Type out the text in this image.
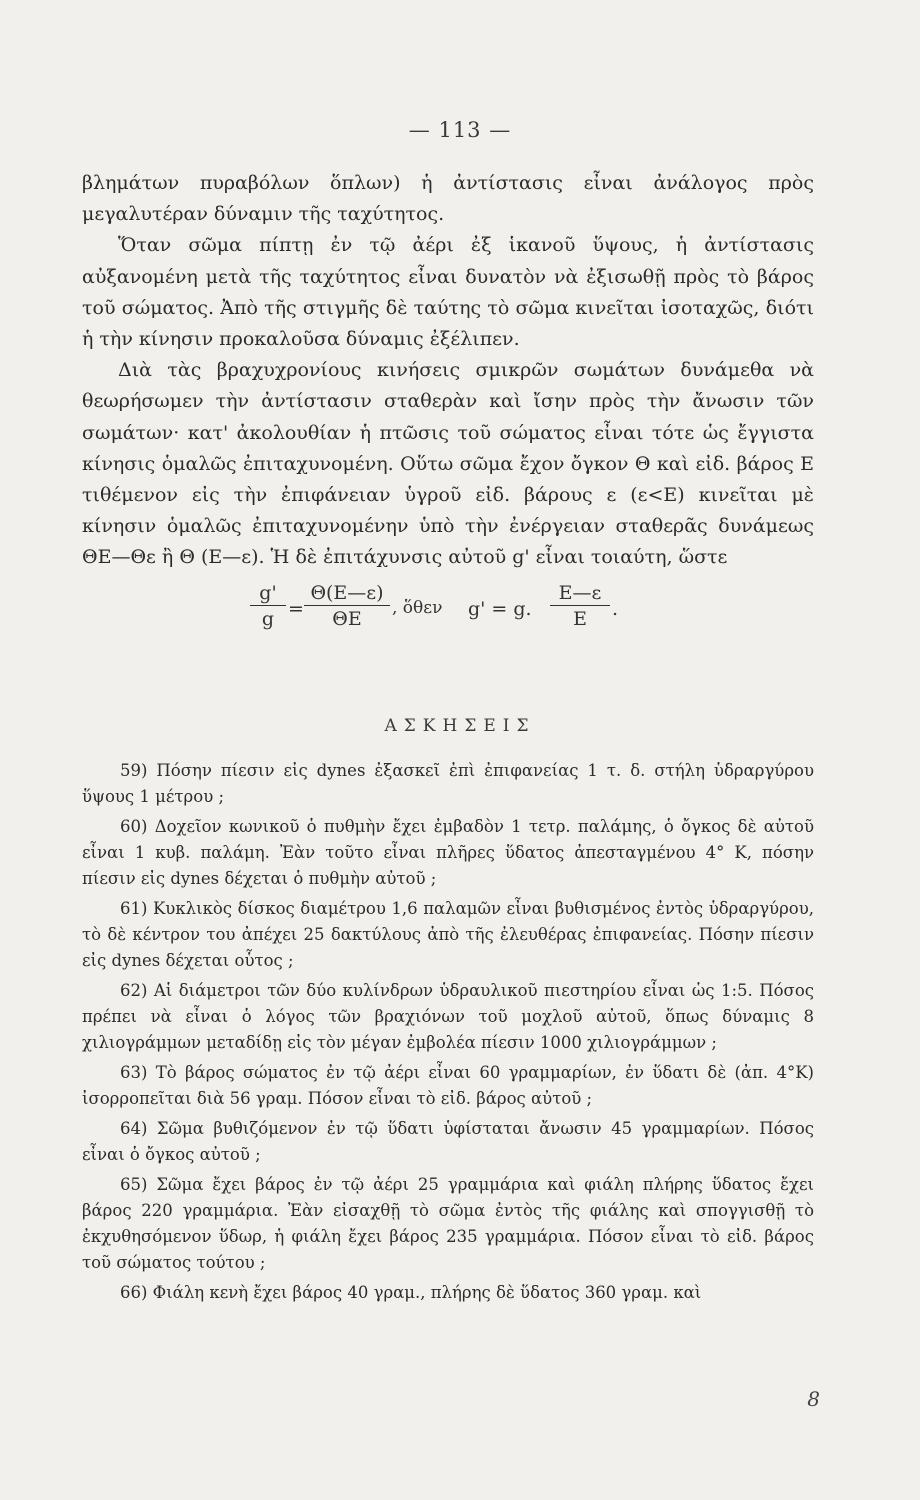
— 113 —

βλημάτων πυραβόλων ὅπλων) ἡ ἀντίστασις εἶναι ἀνάλογος πρὸς μεγαλυτέραν δύναμιν τῆς ταχύτητος.

Ὅταν σῶμα πίπτῃ ἐν τῷ ἀέρι ἐξ ἱκανοῦ ὕψους, ἡ ἀντίστασις αὐξανομένη μετὰ τῆς ταχύτητος εἶναι δυνατὸν νὰ ἐξισωθῇ πρὸς τὸ βάρος τοῦ σώματος. Ἀπὸ τῆς στιγμῆς δὲ ταύτης τὸ σῶμα κινεῖται ἰσοταχῶς, διότι ἡ τὴν κίνησιν προκαλοῦσα δύναμις ἐξέλιπεν.

Διὰ τὰς βραχυχρονίους κινήσεις σμικρῶν σωμάτων δυνάμεθα νὰ θεωρήσωμεν τὴν ἀντίστασιν σταθερὰν καὶ ἴσην πρὸς τὴν ἄνωσιν τῶν σωμάτων· κατ' ἀκολουθίαν ἡ πτῶσις τοῦ σώματος εἶναι τότε ὡς ἔγγιστα κίνησις ὁμαλῶς ἐπιταχυνομένη. Οὕτω σῶμα ἔχον ὄγκον Θ καὶ εἰδ. βάρος Ε τιθέμενον εἰς τὴν ἐπιφάνειαν ὑγροῦ εἰδ. βάρους ε (ε<Ε) κινεῖται μὲ κίνησιν ὁμαλῶς ἐπιταχυνομένην ὑπὸ τὴν ἐνέργειαν σταθερᾶς δυνάμεως ΘΕ—Θε ἢ Θ (Ε—ε). Ἡ δὲ ἐπιτάχυνσις αὐτοῦ g' εἶναι τοιαύτη, ὥστε

g'
g =
Θ(Ε—ε)
ΘΕ	, ὅθεν g' = g.
Ε—ε
Ε	.
ΑΣΚΗΣΕΙΣ

59) Πόσην πίεσιν εἰς dynes ἐξασκεῖ ἐπὶ ἐπιφανείας 1 τ. δ. στήλη ὑδραργύρου ὕψους 1 μέτρου ;

60) Δοχεῖον κωνικοῦ ὁ πυθμὴν ἔχει ἐμβαδὸν 1 τετρ. παλάμης, ὁ ὄγκος δὲ αὐτοῦ εἶναι 1 κυβ. παλάμη. Ἐὰν τοῦτο εἶναι πλῆρες ὕδατος ἀπεσταγμένου 4° Κ, πόσην πίεσιν εἰς dynes δέχεται ὁ πυθμὴν αὐτοῦ ;

61) Κυκλικὸς δίσκος διαμέτρου 1,6 παλαμῶν εἶναι βυθισμένος ἐντὸς ὑδραργύρου, τὸ δὲ κέντρον του ἀπέχει 25 δακτύλους ἀπὸ τῆς ἐλευθέρας ἐπιφανείας. Πόσην πίεσιν εἰς dynes δέχεται οὗτος ;

62) Αἱ διάμετροι τῶν δύο κυλίνδρων ὑδραυλικοῦ πιεστηρίου εἶναι ὡς 1:5. Πόσος πρέπει νὰ εἶναι ὁ λόγος τῶν βραχιόνων τοῦ μοχλοῦ αὐτοῦ, ὅπως δύναμις 8 χιλιογράμμων μεταδίδῃ εἰς τὸν μέγαν ἐμβολέα πίεσιν 1000 χιλιογράμμων ;

63) Τὸ βάρος σώματος ἐν τῷ ἀέρι εἶναι 60 γραμμαρίων, ἐν ὕδατι δὲ (ἀπ. 4°Κ) ἰσορροπεῖται διὰ 56 γραμ. Πόσον εἶναι τὸ εἰδ. βάρος αὐτοῦ ;

64) Σῶμα βυθιζόμενον ἐν τῷ ὕδατι ὑφίσταται ἄνωσιν 45 γραμμαρίων. Πόσος εἶναι ὁ ὄγκος αὐτοῦ ;

65) Σῶμα ἔχει βάρος ἐν τῷ ἀέρι 25 γραμμάρια καὶ φιάλη πλήρης ὕδατος ἔχει βάρος 220 γραμμάρια. Ἐὰν εἰσαχθῇ τὸ σῶμα ἐντὸς τῆς φιάλης καὶ σπογγισθῇ τὸ ἐκχυθησόμενον ὕδωρ, ἡ φιάλη ἔχει βάρος 235 γραμμάρια. Πόσον εἶναι τὸ εἰδ. βάρος τοῦ σώματος τούτου ;

66) Φιάλη κενὴ ἔχει βάρος 40 γραμ., πλήρης δὲ ὕδατος 360 γραμ. καὶ

8
